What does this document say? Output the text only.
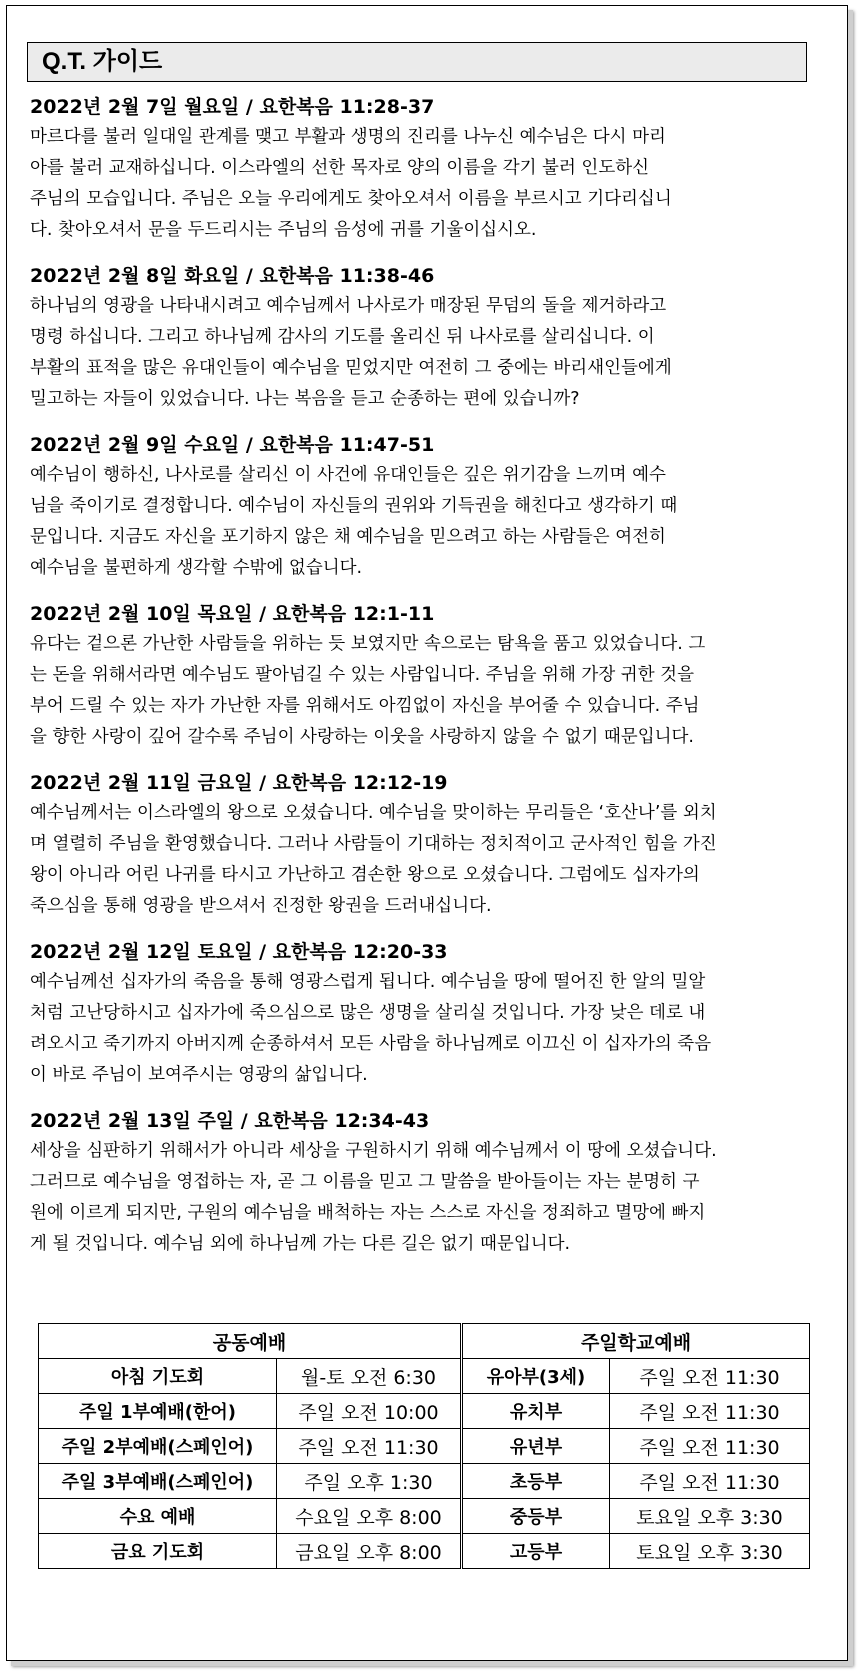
Q.T. 가이드
2022년 2월 7일 월요일 / 요한복음 11:28-37
마르다를 불러 일대일 관계를 맺고 부활과 생명의 진리를 나누신 예수님은 다시 마리
아를 불러 교재하십니다. 이스라엘의 선한 목자로 양의 이름을 각기 불러 인도하신
주님의 모습입니다. 주님은 오늘 우리에게도 찾아오셔서 이름을 부르시고 기다리십니
다. 찾아오셔서 문을 두드리시는 주님의 음성에 귀를 기울이십시오.
2022년 2월 8일 화요일 / 요한복음 11:38-46
하나님의 영광을 나타내시려고 예수님께서 나사로가 매장된 무덤의 돌을 제거하라고
명령 하십니다. 그리고 하나님께 감사의 기도를 올리신 뒤 나사로를 살리십니다. 이
부활의 표적을 많은 유대인들이 예수님을 믿었지만 여전히 그 중에는 바리새인들에게
밀고하는 자들이 있었습니다. 나는 복음을 듣고 순종하는 편에 있습니까?
2022년 2월 9일 수요일 / 요한복음 11:47-51
예수님이 행하신, 나사로를 살리신 이 사건에 유대인들은 깊은 위기감을 느끼며 예수
님을 죽이기로 결정합니다. 예수님이 자신들의 권위와 기득권을 해친다고 생각하기 때
문입니다. 지금도 자신을 포기하지 않은 채 예수님을 믿으려고 하는 사람들은 여전히
예수님을 불편하게 생각할 수밖에 없습니다.
2022년 2월 10일 목요일 / 요한복음 12:1-11
유다는 겉으론 가난한 사람들을 위하는 듯 보였지만 속으로는 탐욕을 품고 있었습니다. 그
는 돈을 위해서라면 예수님도 팔아넘길 수 있는 사람입니다. 주님을 위해 가장 귀한 것을
부어 드릴 수 있는 자가 가난한 자를 위해서도 아낌없이 자신을 부어줄 수 있습니다. 주님
을 향한 사랑이 깊어 갈수록 주님이 사랑하는 이웃을 사랑하지 않을 수 없기 때문입니다.
2022년 2월 11일 금요일 / 요한복음 12:12-19
예수님께서는 이스라엘의 왕으로 오셨습니다. 예수님을 맞이하는 무리들은 ‘호산나’를 외치
며 열렬히 주님을 환영했습니다. 그러나 사람들이 기대하는 정치적이고 군사적인 힘을 가진
왕이 아니라 어린 나귀를 타시고 가난하고 겸손한 왕으로 오셨습니다. 그럼에도 십자가의
죽으심을 통해 영광을 받으셔서 진정한 왕권을 드러내십니다.
2022년 2월 12일 토요일 / 요한복음 12:20-33
예수님께선 십자가의 죽음을 통해 영광스럽게 됩니다. 예수님을 땅에 떨어진 한 알의 밀알
처럼 고난당하시고 십자가에 죽으심으로 많은 생명을 살리실 것입니다. 가장 낮은 데로 내
려오시고 죽기까지 아버지께 순종하셔서 모든 사람을 하나님께로 이끄신 이 십자가의 죽음
이 바로 주님이 보여주시는 영광의 삶입니다.
2022년 2월 13일 주일 / 요한복음 12:34-43
세상을 심판하기 위해서가 아니라 세상을 구원하시기 위해 예수님께서 이 땅에 오셨습니다.
그러므로 예수님을 영접하는 자, 곧 그 이름을 믿고 그 말씀을 받아들이는 자는 분명히 구
원에 이르게 되지만, 구원의 예수님을 배척하는 자는 스스로 자신을 정죄하고 멸망에 빠지
게 될 것입니다. 예수님 외에 하나님께 가는 다른 길은 없기 때문입니다.
공동예배		주일학교예배	
아침 기도회	월-토 오전 6:30	유아부(3세)	주일 오전 11:30
주일 1부예배(한어)	주일 오전 10:00	유치부	주일 오전 11:30
주일 2부예배(스페인어)	주일 오전 11:30	유년부	주일 오전 11:30
주일 3부예배(스페인어)	주일 오후 1:30	초등부	주일 오전 11:30
수요 예배	수요일 오후 8:00	중등부	토요일 오후 3:30
금요 기도회	금요일 오후 8:00	고등부	토요일 오후 3:30
